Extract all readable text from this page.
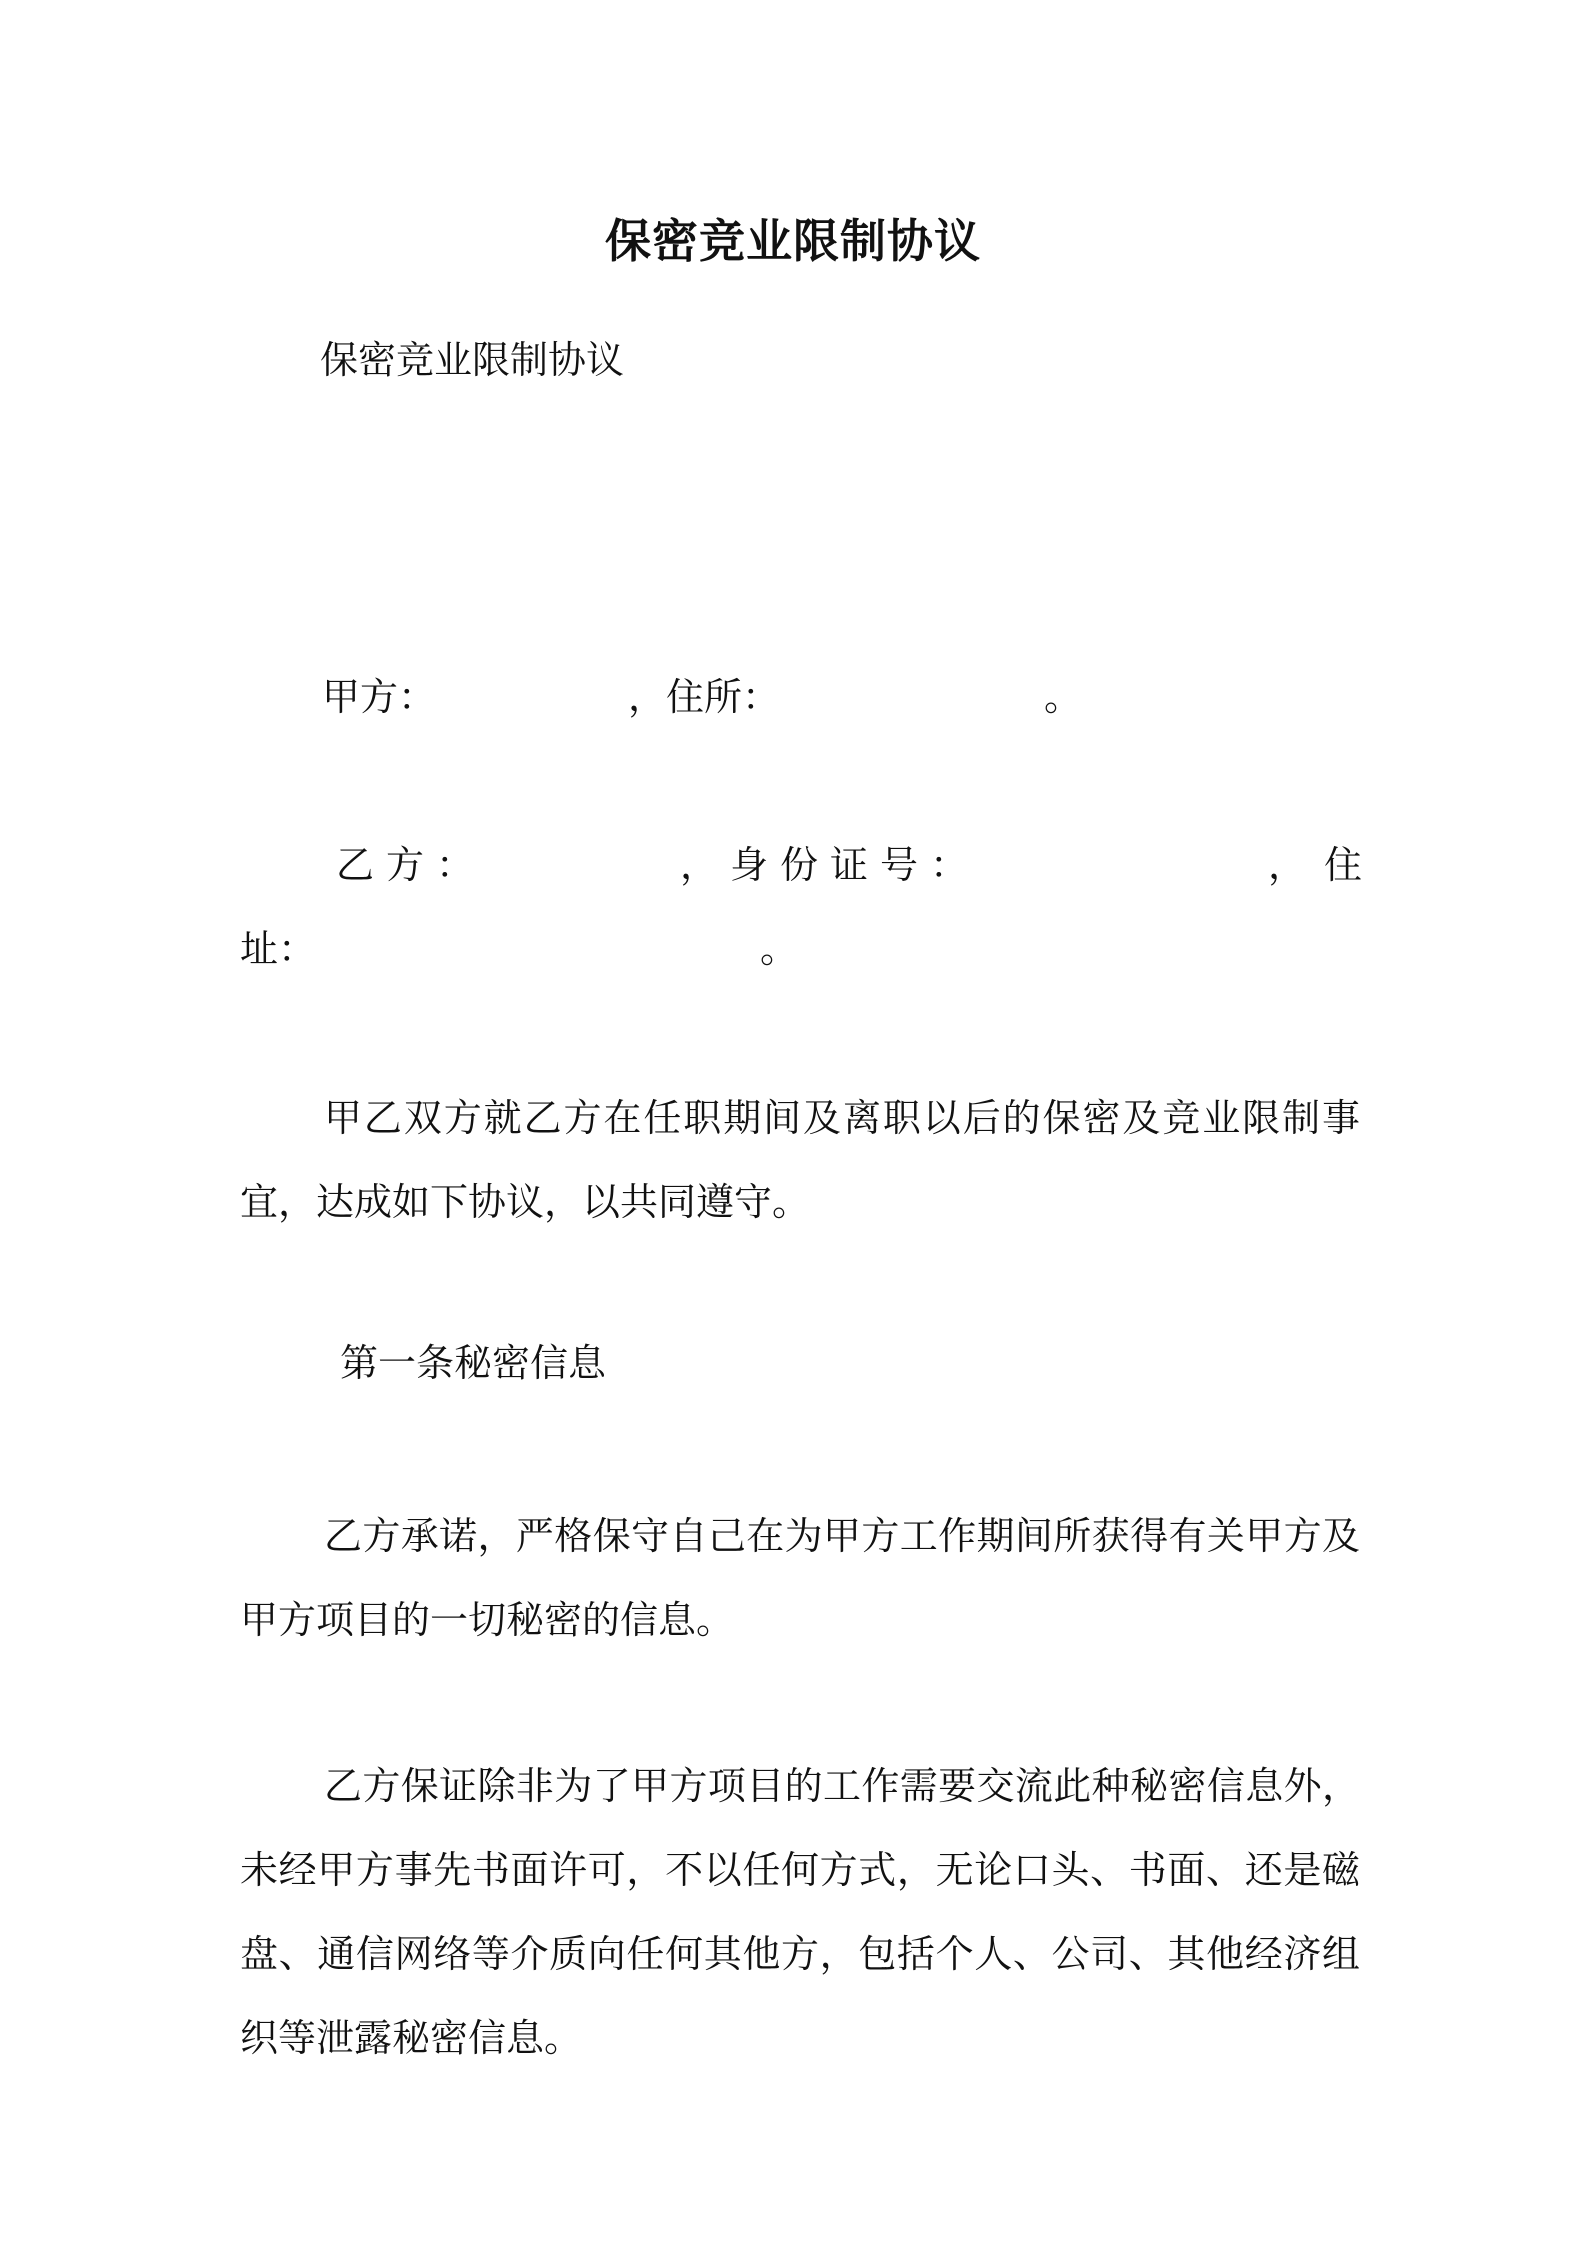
保密竞业限制协议
保密竞业限制协议
甲方：	，住所：	。
乙方：	，身份证号：	，住
址：	。
甲乙双方就乙方在任职期间及离职以后的保密及竞业限制事宜，达成如下协议，以共同遵守。
第一条秘密信息
乙方承诺，严格保守自己在为甲方工作期间所获得有关甲方及甲方项目的一切秘密的信息。
乙方保证除非为了甲方项目的工作需要交流此种秘密信息外，未经甲方事先书面许可，不以任何方式，无论口头、书面、还是磁盘、通信网络等介质向任何其他方，包括个人、公司、其他经济组织等泄露秘密信息。
